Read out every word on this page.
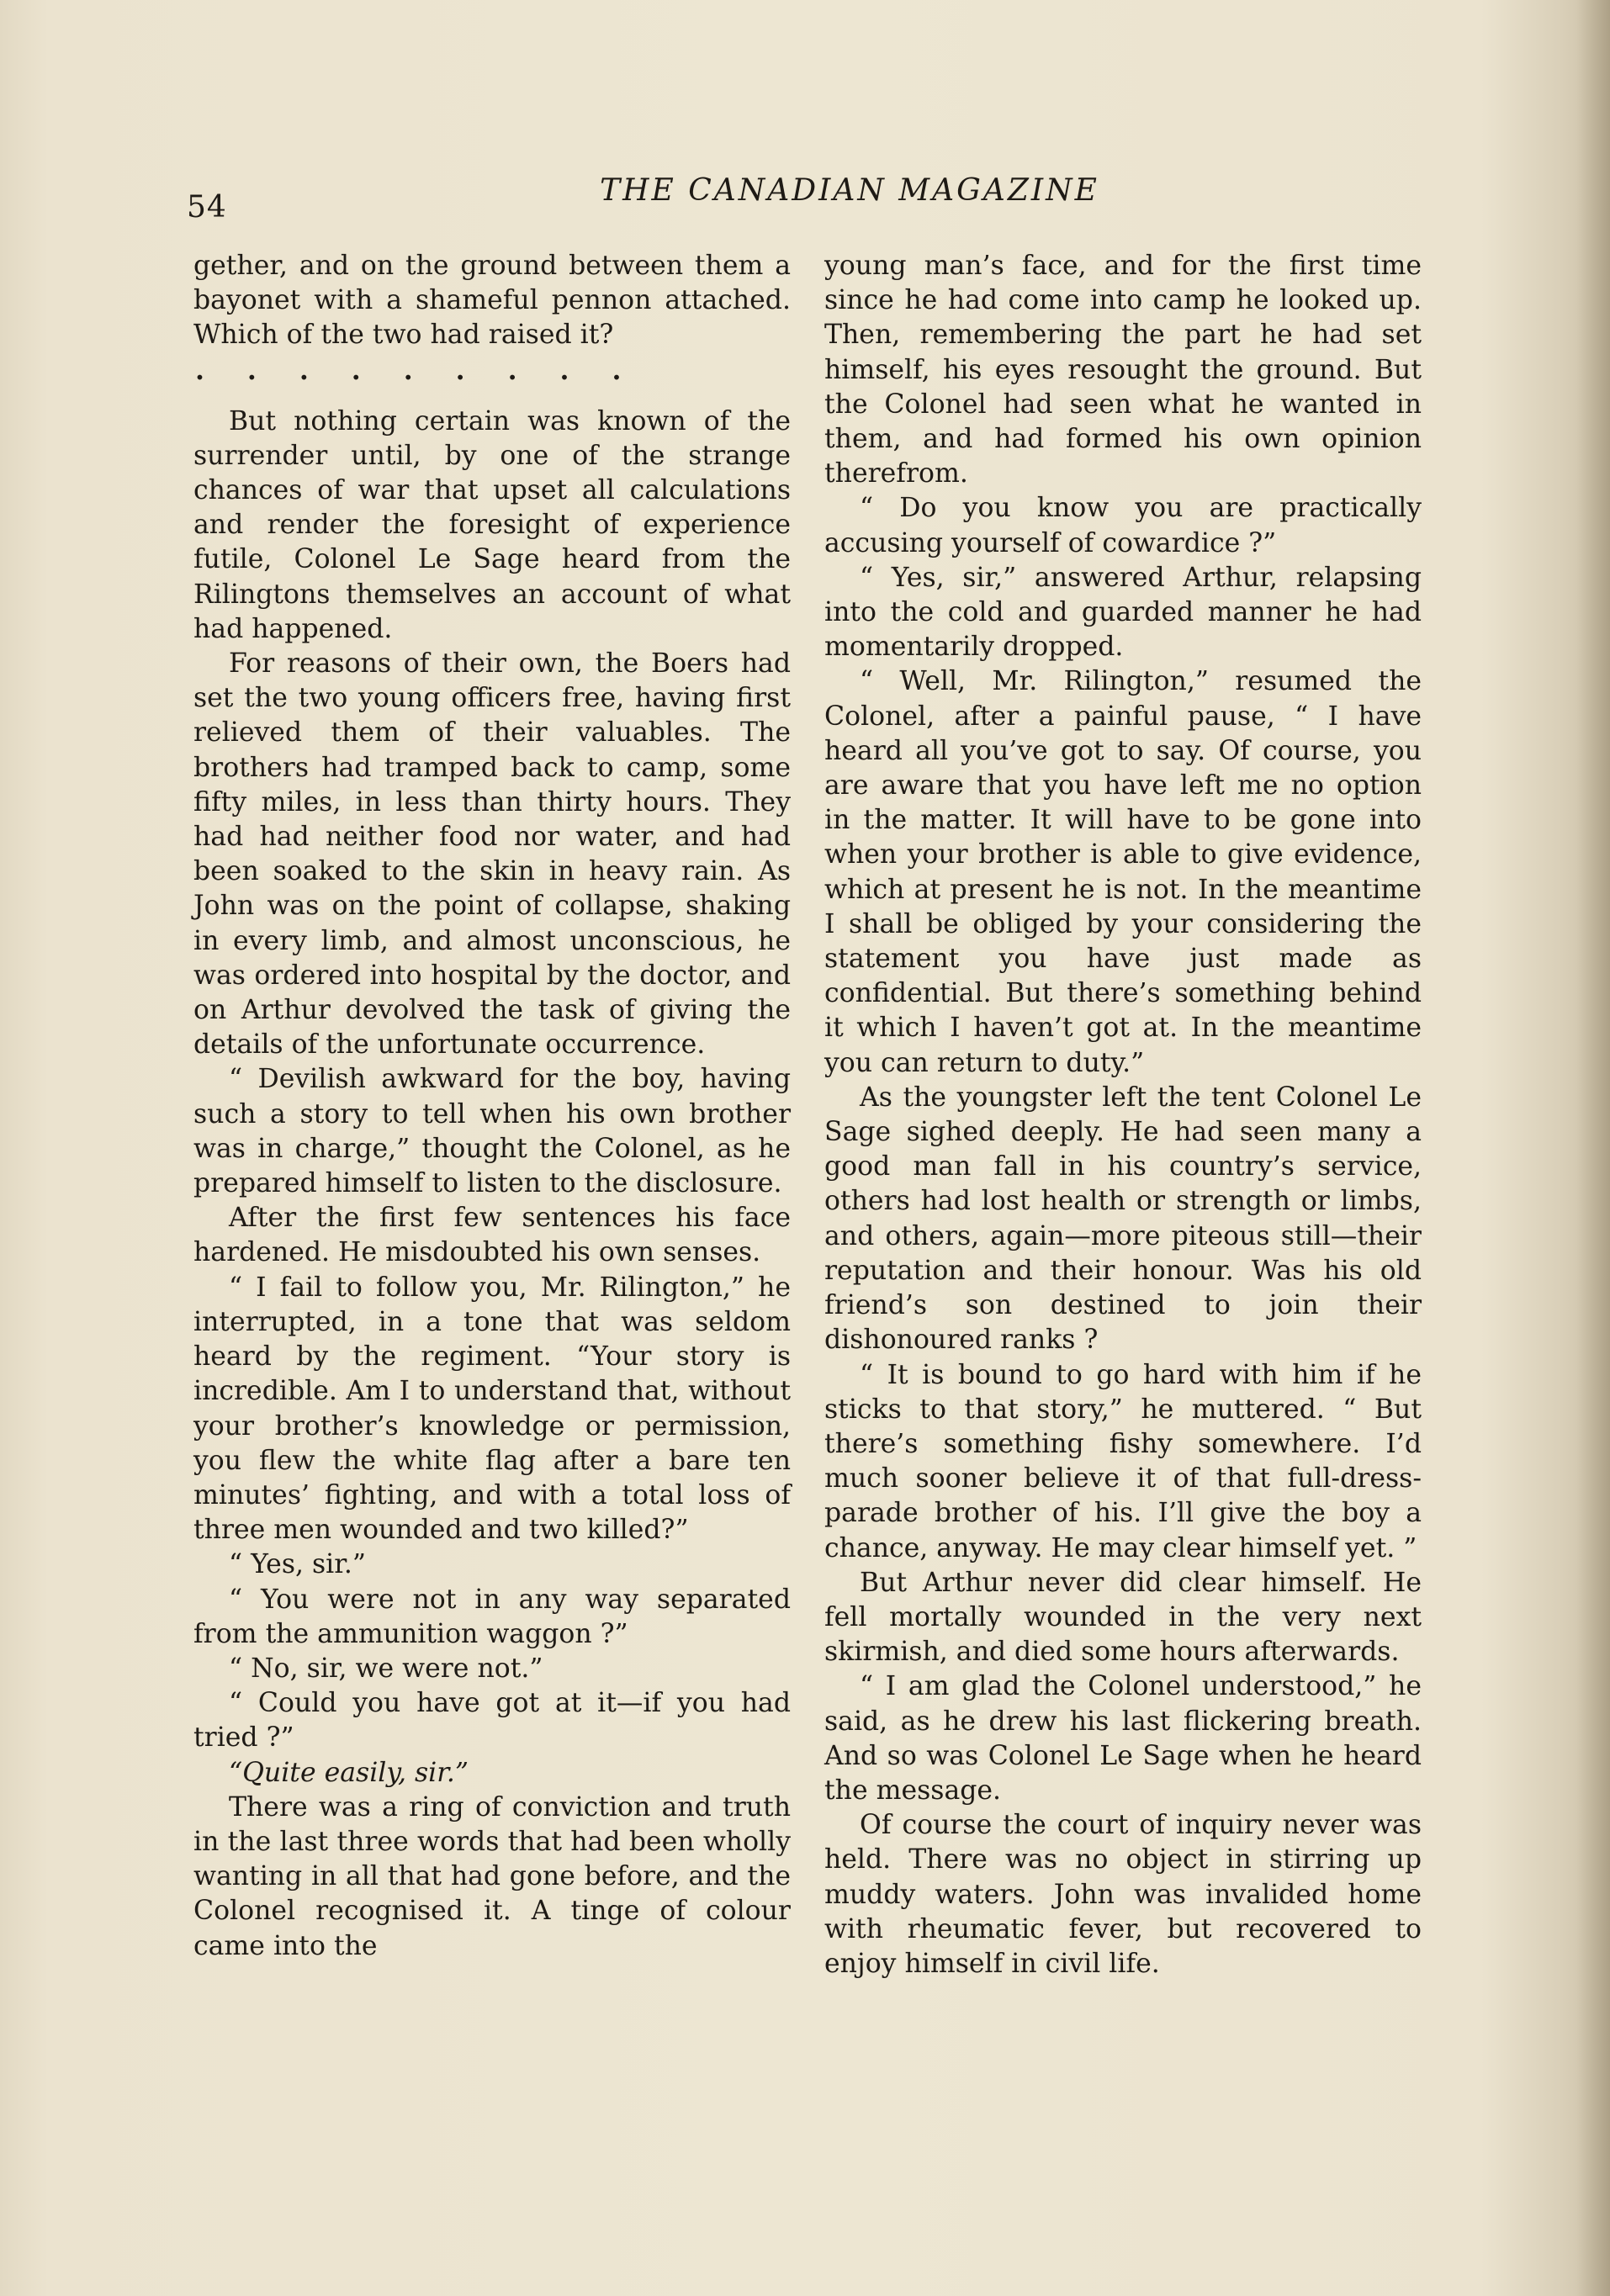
54	THE CANADIAN MAGAZINE

gether, and on the ground between them a bayonet with a shameful pennon attached. Which of the two had raised it?

. . . . . . . . .

But nothing certain was known of the surrender until, by one of the strange chances of war that upset all calculations and render the foresight of experience futile, Colonel Le Sage heard from the Rilingtons themselves an account of what had happened.

For reasons of their own, the Boers had set the two young officers free, having first relieved them of their valuables. The brothers had tramped back to camp, some fifty miles, in less than thirty hours. They had had neither food nor water, and had been soaked to the skin in heavy rain. As John was on the point of collapse, shaking in every limb, and almost unconscious, he was ordered into hospital by the doctor, and on Arthur devolved the task of giving the details of the unfortunate occurrence.

“ Devilish awkward for the boy, having such a story to tell when his own brother was in charge,” thought the Colonel, as he prepared himself to listen to the disclosure.

After the first few sentences his face hardened. He misdoubted his own senses.

“ I fail to follow you, Mr. Rilington,” he interrupted, in a tone that was seldom heard by the regiment. “Your story is incredible. Am I to understand that, without your brother’s knowledge or permission, you flew the white flag after a bare ten minutes’ fighting, and with a total loss of three men wounded and two killed?”

“ Yes, sir.”

“ You were not in any way separated from the ammunition waggon ?”

“ No, sir, we were not.”

“ Could you have got at it—if you had tried ?”

“Quite easily, sir.”

There was a ring of conviction and truth in the last three words that had been wholly wanting in all that had gone before, and the Colonel recognised it. A tinge of colour came into the

young man’s face, and for the first time since he had come into camp he looked up. Then, remembering the part he had set himself, his eyes resought the ground. But the Colonel had seen what he wanted in them, and had formed his own opinion therefrom.

“ Do you know you are practically accusing yourself of cowardice ?”

“ Yes, sir,” answered Arthur, relapsing into the cold and guarded manner he had momentarily dropped.

“ Well, Mr. Rilington,” resumed the Colonel, after a painful pause, “ I have heard all you’ve got to say. Of course, you are aware that you have left me no option in the matter. It will have to be gone into when your brother is able to give evidence, which at present he is not. In the meantime I shall be obliged by your considering the statement you have just made as confidential. But there’s something behind it which I haven’t got at. In the meantime you can return to duty.”

As the youngster left the tent Colonel Le Sage sighed deeply. He had seen many a good man fall in his country’s service, others had lost health or strength or limbs, and others, again—more piteous still—their reputation and their honour. Was his old friend’s son destined to join their dishonoured ranks ?

“ It is bound to go hard with him if he sticks to that story,” he muttered. “ But there’s something fishy somewhere. I’d much sooner believe it of that full-dress-parade brother of his. I’ll give the boy a chance, anyway. He may clear himself yet. ”

But Arthur never did clear himself. He fell mortally wounded in the very next skirmish, and died some hours afterwards.

“ I am glad the Colonel understood,” he said, as he drew his last flickering breath. And so was Colonel Le Sage when he heard the message.

Of course the court of inquiry never was held. There was no object in stirring up muddy waters. John was invalided home with rheumatic fever, but recovered to enjoy himself in civil life.
